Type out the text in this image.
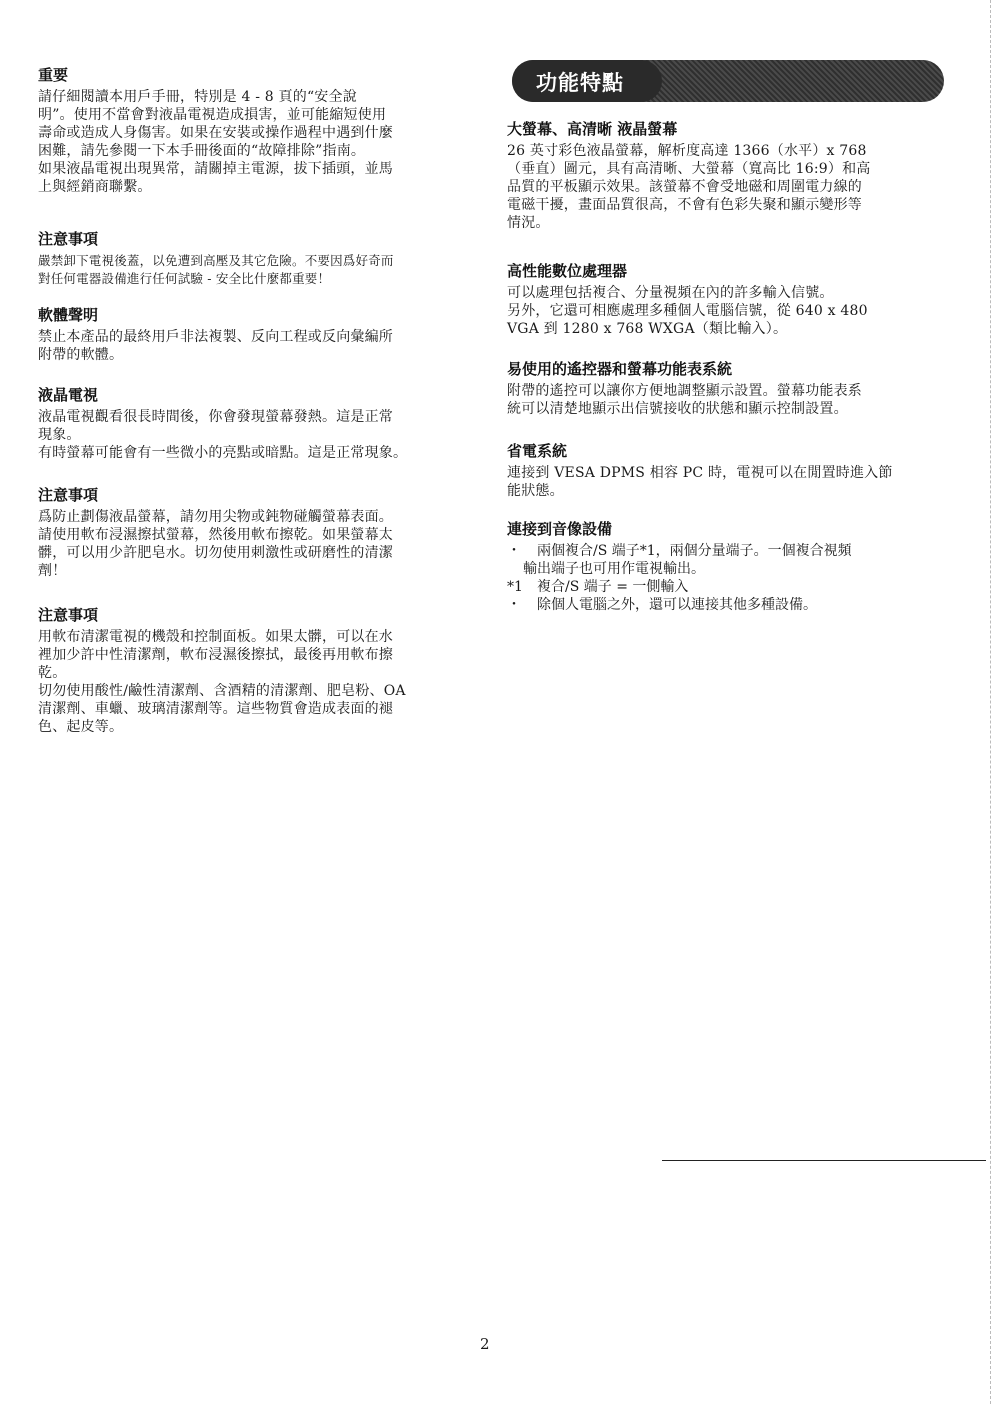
重要

請仔細閱讀本用戶手冊，特別是 4 - 8 頁的“安全說

明”。使用不當會對液晶電視造成損害，並可能縮短使用

壽命或造成人身傷害。如果在安裝或操作過程中遇到什麼

困難，請先參閱一下本手冊後面的“故障排除”指南。

如果液晶電視出現異常，請關掉主電源，拔下插頭，並馬

上與經銷商聯繫。

注意事項

嚴禁卸下電視後蓋，以免遭到高壓及其它危險。不要因爲好奇而

對任何電器設備進行任何試驗 - 安全比什麼都重要！

軟體聲明

禁止本產品的最終用戶非法複製、反向工程或反向彙編所

附帶的軟體。

液晶電視

液晶電視觀看很長時間後，你會發現螢幕發熱。這是正常

現象。

有時螢幕可能會有一些微小的亮點或暗點。這是正常現象。

注意事項

爲防止劃傷液晶螢幕，請勿用尖物或鈍物碰觸螢幕表面。

請使用軟布浸濕擦拭螢幕，然後用軟布擦乾。如果螢幕太

髒，可以用少許肥皂水。切勿使用刺激性或研磨性的清潔

劑！

注意事項

用軟布清潔電視的機殼和控制面板。如果太髒，可以在水

裡加少許中性清潔劑，軟布浸濕後擦拭，最後再用軟布擦

乾。

切勿使用酸性/鹼性清潔劑、含酒精的清潔劑、肥皂粉、OA

清潔劑、車蠟、玻璃清潔劑等。這些物質會造成表面的褪

色、起皮等。

功能特點
大螢幕、高清晰 液晶螢幕

26 英寸彩色液晶螢幕，解析度高達 1366（水平）x 768

（垂直）圖元，具有高清晰、大螢幕（寬高比 16:9）和高

品質的平板顯示效果。該螢幕不會受地磁和周圍電力線的

電磁干擾，畫面品質很高，不會有色彩失聚和顯示變形等

情況。

高性能數位處理器

可以處理包括複合、分量視頻在內的許多輸入信號。

另外，它還可相應處理多種個人電腦信號，從 640 x 480

VGA 到 1280 x 768 WXGA（類比輸入）。

易使用的遙控器和螢幕功能表系統

附帶的遙控可以讓你方便地調整顯示設置。螢幕功能表系

統可以清楚地顯示出信號接收的狀態和顯示控制設置。

省電系統

連接到 VESA DPMS 相容 PC 時，電視可以在閒置時進入節

能狀態。

連接到音像設備
・	兩個複合/S 端子*1，兩個分量端子。一個複合視頻
輸出端子也可用作電視輸出。
*1	複合/S 端子 = 一側輸入
・	除個人電腦之外，還可以連接其他多種設備。
2
